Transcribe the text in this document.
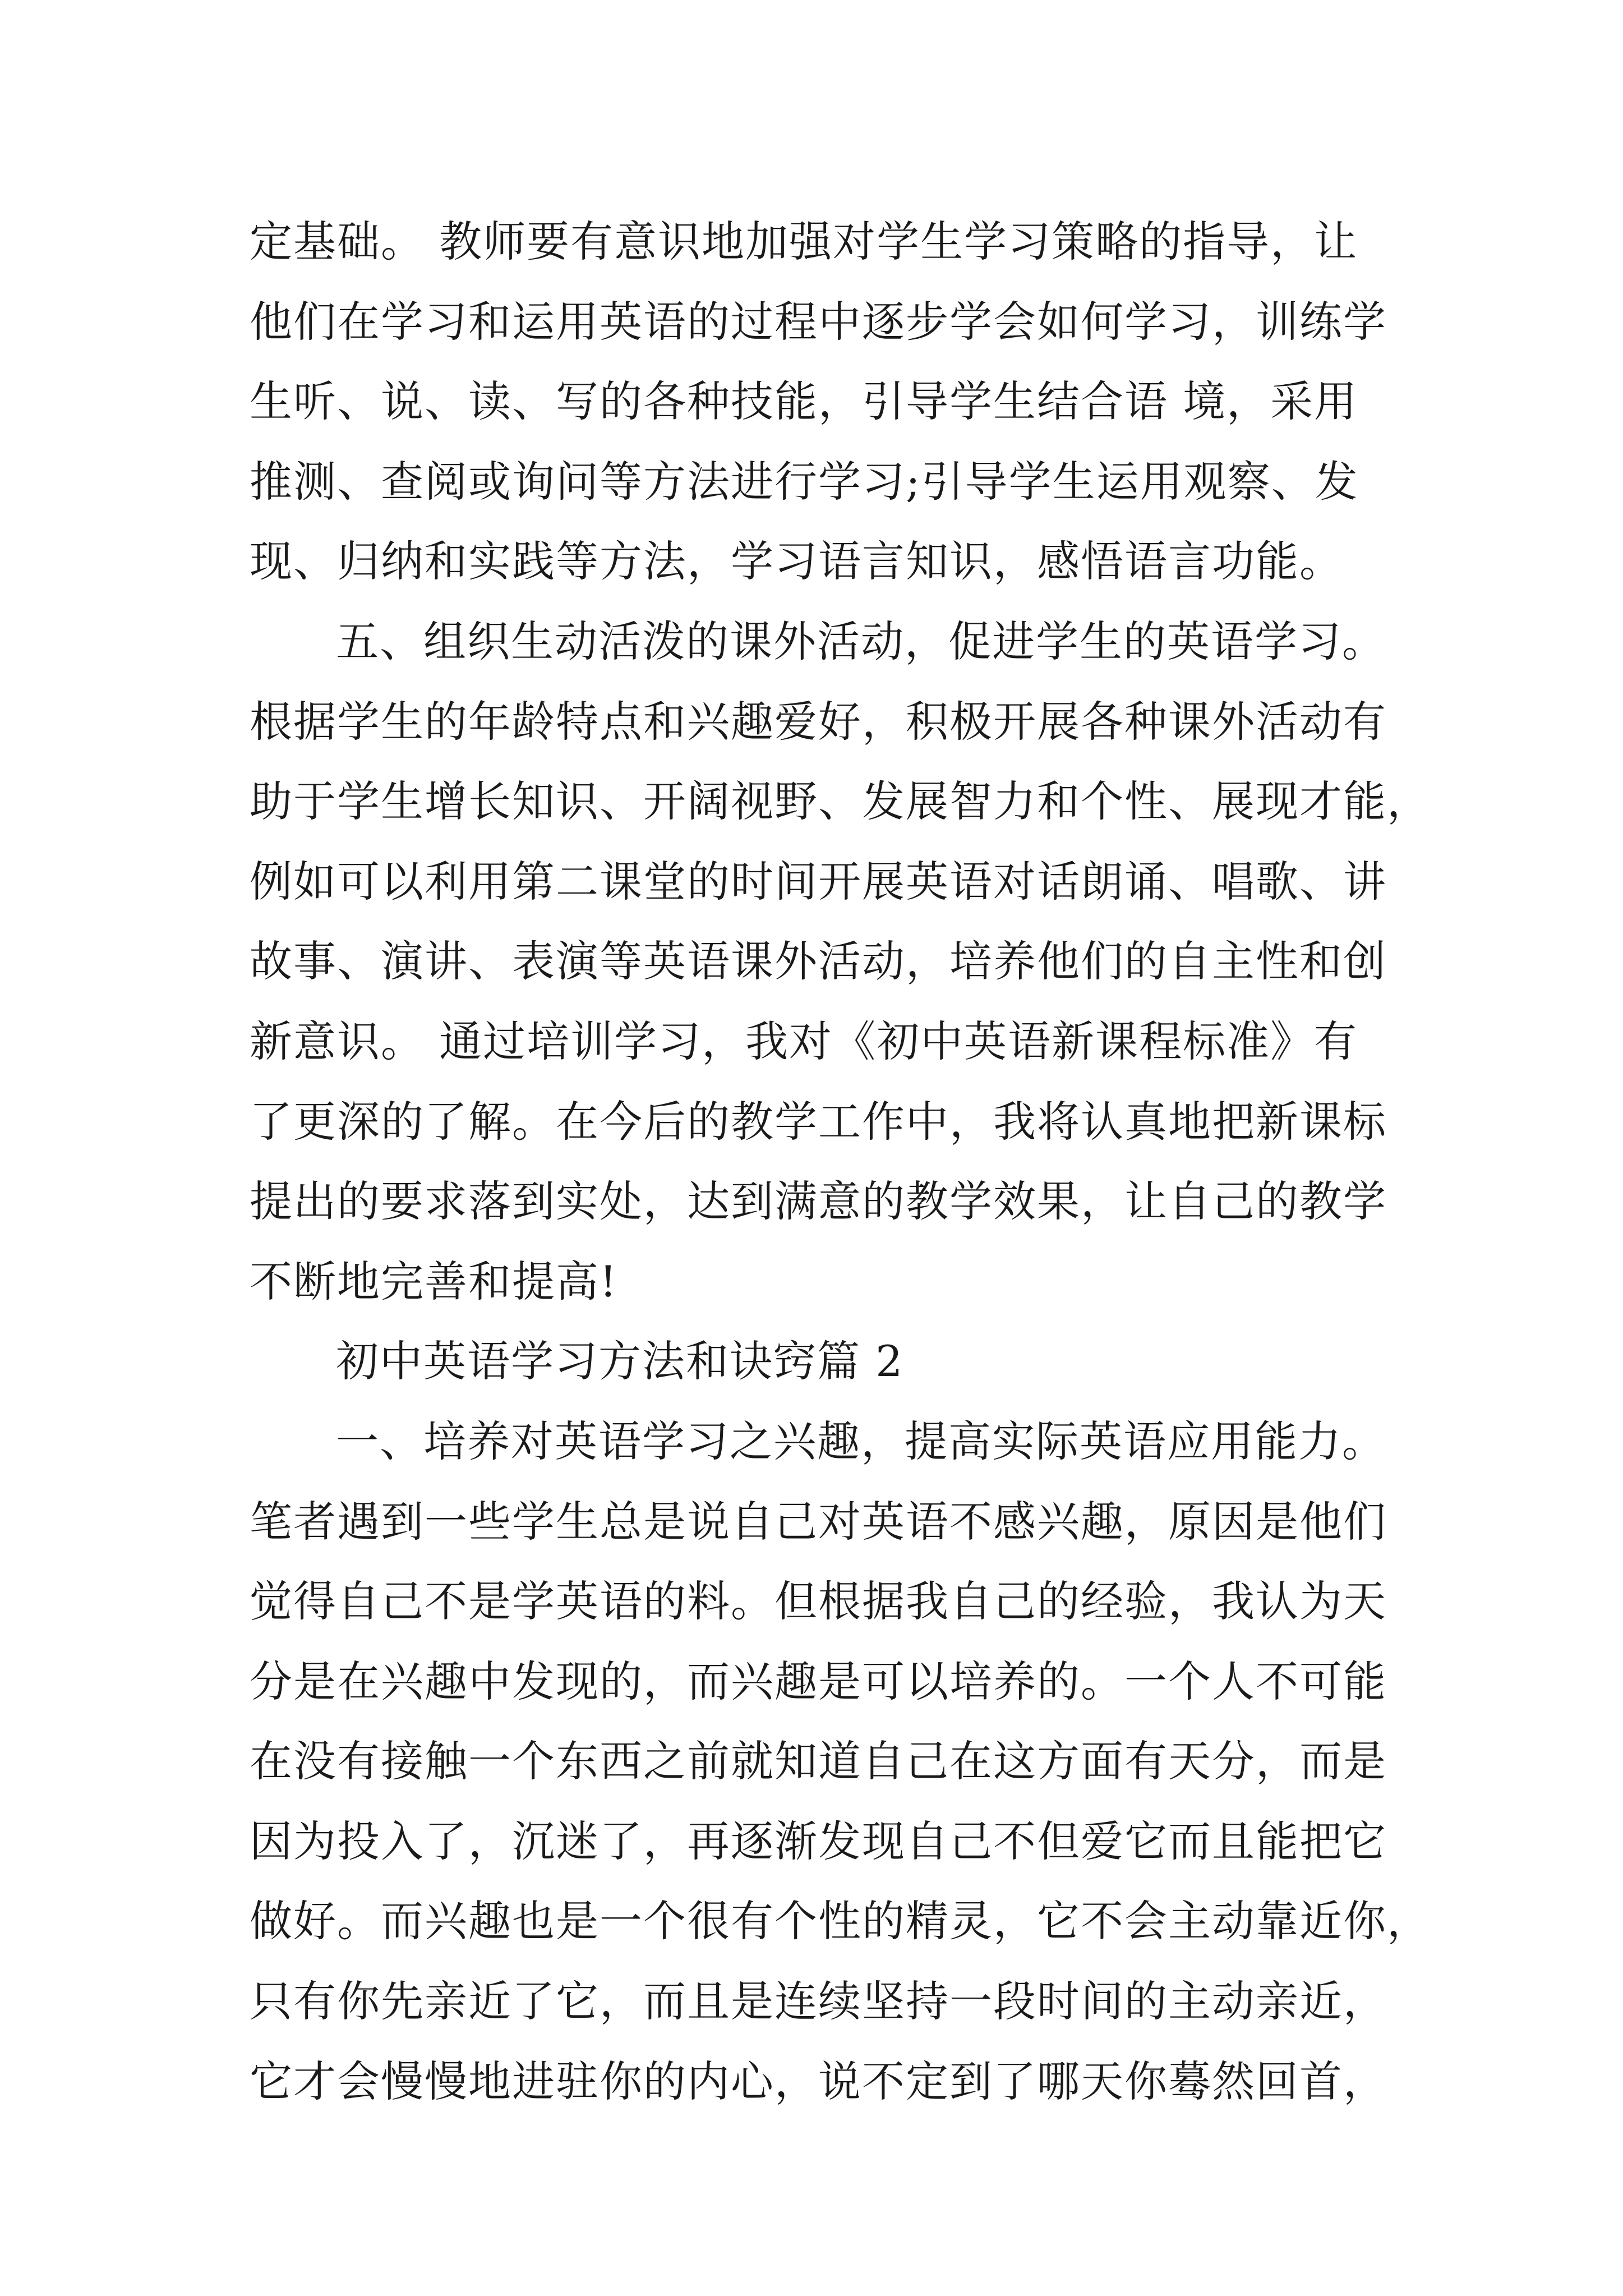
定基础。 教师要有意识地加强对学生学习策略的指导，让
他们在学习和运用英语的过程中逐步学会如何学习，训练学
生听、说、读、写的各种技能，引导学生结合语 境，采用
推测、查阅或询问等方法进行学习;引导学生运用观察、发
现、归纳和实践等方法，学习语言知识，感悟语言功能。
五、组织生动活泼的课外活动，促进学生的英语学习。
根据学生的年龄特点和兴趣爱好，积极开展各种课外活动有
助于学生增长知识、开阔视野、发展智力和个性、展现才能，
例如可以利用第二课堂的时间开展英语对话朗诵、唱歌、讲
故事、演讲、表演等英语课外活动，培养他们的自主性和创
新意识。 通过培训学习，我对《初中英语新课程标准》有
了更深的了解。在今后的教学工作中，我将认真地把新课标
提出的要求落到实处，达到满意的教学效果，让自己的教学
不断地完善和提高!
初中英语学习方法和诀窍篇 2
一、培养对英语学习之兴趣，提高实际英语应用能力。
笔者遇到一些学生总是说自己对英语不感兴趣，原因是他们
觉得自己不是学英语的料。但根据我自己的经验，我认为天
分是在兴趣中发现的，而兴趣是可以培养的。一个人不可能
在没有接触一个东西之前就知道自己在这方面有天分，而是
因为投入了，沉迷了，再逐渐发现自己不但爱它而且能把它
做好。而兴趣也是一个很有个性的精灵，它不会主动靠近你，
只有你先亲近了它，而且是连续坚持一段时间的主动亲近，
它才会慢慢地进驻你的内心，说不定到了哪天你蓦然回首，
